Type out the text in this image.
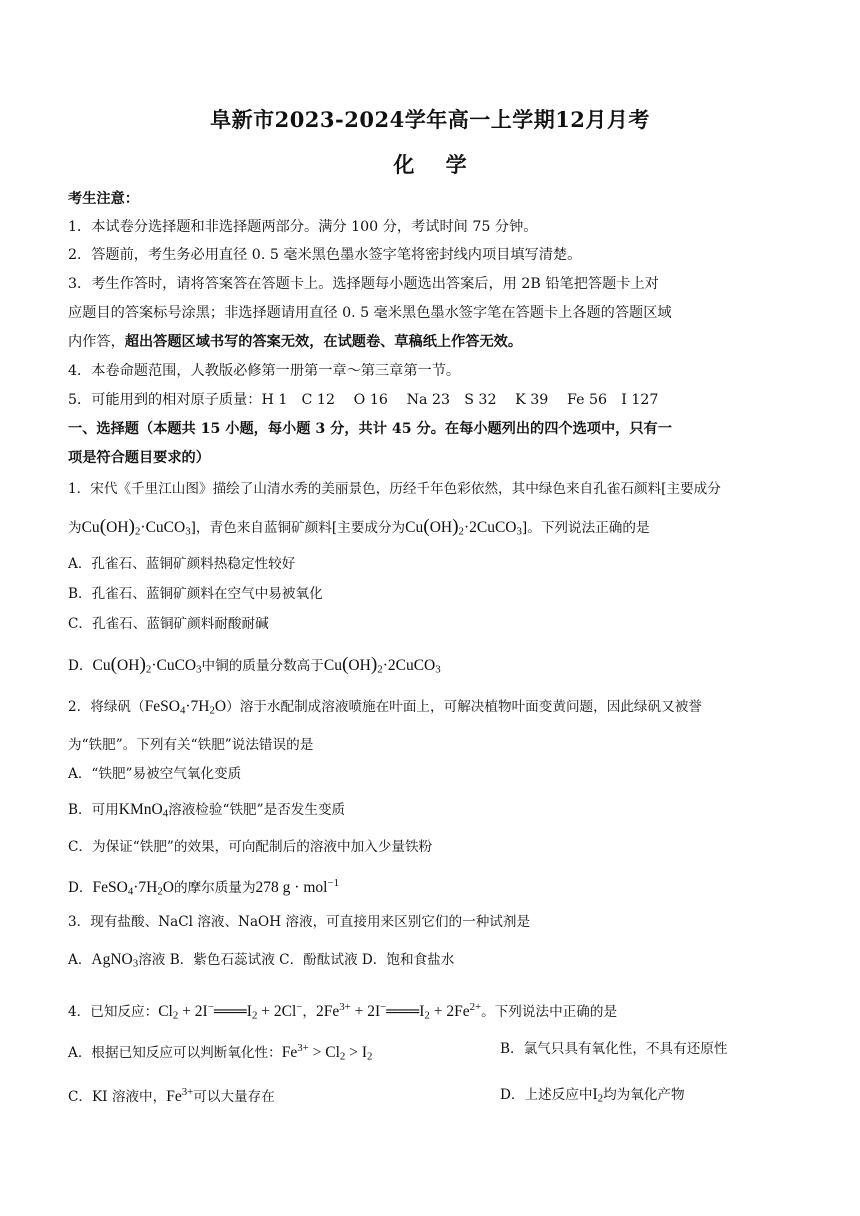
阜新市2023-2024学年高一上学期12月月考
化 学
考生注意：
1．本试卷分选择题和非选择题两部分。满分 100 分，考试时间 75 分钟。
2．答题前，考生务必用直径 0. 5 毫米黑色墨水签字笔将密封线内项目填写清楚。
3．考生作答时，请将答案答在答题卡上。选择题每小题选出答案后，用 2B 铅笔把答题卡上对
应题目的答案标号涂黑；非选择题请用直径 0. 5 毫米黑色墨水签字笔在答题卡上各题的答题区域
内作答，超出答题区域书写的答案无效，在试题卷、草稿纸上作答无效。
4．本卷命题范围，人教版必修第一册第一章～第三章第一节。
5．可能用到的相对原子质量：H 1　C 12　 O 16　 Na 23　S 32　 K 39　 Fe 56　I 127
一、选择题（本题共 15 小题，每小题 3 分，共计 45 分。在每小题列出的四个选项中，只有一
项是符合题目要求的）
1．宋代《千里江山图》描绘了山清水秀的美丽景色，历经千年色彩依然，其中绿色来自孔雀石颜料[主要成分
为$Cu(OH)_2\cdot CuCO_3$]，青色来自蓝铜矿颜料[主要成分为$Cu(OH)_2\cdot 2CuCO_3$]。下列说法正确的是
A．孔雀石、蓝铜矿颜料热稳定性较好
B．孔雀石、蓝铜矿颜料在空气中易被氧化
C．孔雀石、蓝铜矿颜料耐酸耐碱
D．$Cu(OH)_2\cdot CuCO_3$中铜的质量分数高于$Cu(OH)_2\cdot 2CuCO_3$
2．将绿矾$(FeSO_4\cdot 7H_2O)$溶于水配制成溶液喷施在叶面上，可解决植物叶面变黄问题，因此绿矾又被誉
为“铁肥”。下列有关“铁肥”说法错误的是
A．“铁肥”易被空气氧化变质
B．可用KMnO$_4$溶液检验“铁肥”是否发生变质
C．为保证“铁肥”的效果，可向配制后的溶液中加入少量铁粉
D．$FeSO_4\cdot 7H_2O$的摩尔质量为278 g · mol$^{-1}$
3．现有盐酸、NaCl 溶液、NaOH 溶液，可直接用来区别它们的一种试剂是
A．AgNO$_3$溶液 B．紫色石蕊试液 C．酚酞试液 D．饱和食盐水
4．已知反应：$Cl_2$ + $2I^-═══I_2 + 2Cl^-$，$2Fe^{3+}$ + $2I^-═══I_2 + 2Fe^{2+}$。下列说法中正确的是
A．根据已知反应可以判断氧化性：$Fe^{3+} > Cl_2 > I_2$	B．氯气只具有氧化性，不具有还原性
C．KI 溶液中，$Fe^{3+}$可以大量存在	D．上述反应中$I_2$均为氧化产物
